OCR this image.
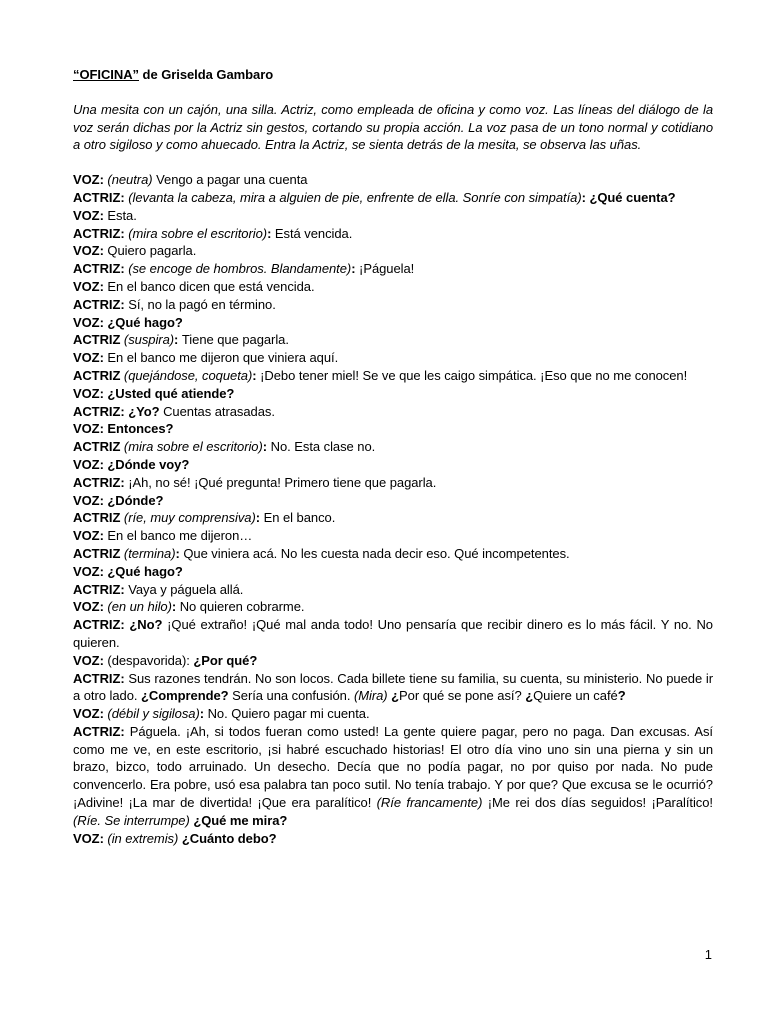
“OFICINA” de Griselda Gambaro

Una mesita con un cajón, una silla. Actriz, como empleada de oficina y como voz. Las líneas del diálogo de la voz serán dichas por la Actriz sin gestos, cortando su propia acción. La voz pasa de un tono normal y cotidiano a otro sigiloso y como ahuecado. Entra la Actriz, se sienta detrás de la mesita, se observa las uñas.

VOZ: (neutra) Vengo a pagar una cuenta

ACTRIZ: (levanta la cabeza, mira a alguien de pie, enfrente de ella. Sonríe con simpatía): ¿Qué cuenta?

VOZ: Esta.

ACTRIZ: (mira sobre el escritorio): Está vencida.

VOZ: Quiero pagarla.

ACTRIZ: (se encoge de hombros. Blandamente): ¡Páguela!

VOZ: En el banco dicen que está vencida.

ACTRIZ: Sí, no la pagó en término.

VOZ: ¿Qué hago?

ACTRIZ (suspira): Tiene que pagarla.

VOZ: En el banco me dijeron que viniera aquí.

ACTRIZ (quejándose, coqueta): ¡Debo tener miel! Se ve que les caigo simpática. ¡Eso que no me conocen!

VOZ: ¿Usted qué atiende?

ACTRIZ: ¿Yo? Cuentas atrasadas.

VOZ: Entonces?

ACTRIZ (mira sobre el escritorio): No. Esta clase no.

VOZ: ¿Dónde voy?

ACTRIZ: ¡Ah, no sé! ¡Qué pregunta! Primero tiene que pagarla.

VOZ: ¿Dónde?

ACTRIZ (ríe, muy comprensiva): En el banco.

VOZ: En el banco me dijeron…

ACTRIZ (termina): Que viniera acá. No les cuesta nada decir eso. Qué incompetentes.

VOZ: ¿Qué hago?

ACTRIZ: Vaya y páguela allá.

VOZ: (en un hilo): No quieren cobrarme.

ACTRIZ: ¿No? ¡Qué extraño! ¡Qué mal anda todo! Uno pensaría que recibir dinero es lo más fácil. Y no. No quieren.

VOZ: (despavorida): ¿Por qué?

ACTRIZ: Sus razones tendrán. No son locos. Cada billete tiene su familia, su cuenta, su ministerio. No puede ir a otro lado. ¿Comprende? Sería una confusión. (Mira) ¿Por qué se pone así? ¿Quiere un café?

VOZ: (débil y sigilosa): No. Quiero pagar mi cuenta.

ACTRIZ: Páguela. ¡Ah, si todos fueran como usted! La gente quiere pagar, pero no paga. Dan excusas. Así como me ve, en este escritorio, ¡si habré escuchado historias! El otro día vino uno sin una pierna y sin un brazo, bizco, todo arruinado. Un desecho. Decía que no podía pagar, no por quiso por nada. No pude convencerlo. Era pobre, usó esa palabra tan poco sutil. No tenía trabajo. Y por que? Que excusa se le ocurrió? ¡Adivine! ¡La mar de divertida! ¡Que era paralítico! (Ríe francamente) ¡Me rei dos días seguidos! ¡Paralítico! (Ríe. Se interrumpe) ¿Qué me mira?

VOZ: (in extremis) ¿Cuánto debo?

1
